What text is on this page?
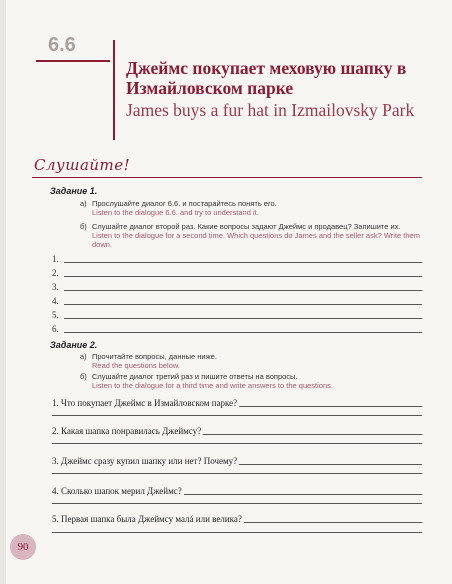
6.6
Джеймс покупает меховую шапку в Измайловском парке
James buys a fur hat in Izmailovsky Park
Слушайте!
Задание 1.
а) Прослушайте диалог 6.6. и постарайтесь понять его.
Listen to the dialogue 6.6. and try to understand it.
б) Слушайте диалог второй раз. Какие вопросы задают Джеймс и продавец? Запишите их.
Listen to the dialogue for a second time. Which questions do James and the seller ask? Write them down.
1.
2.
3.
4.
5.
6.
Задание 2.
а) Прочитайте вопросы, данные ниже.
Read the questions below.
б) Слушайте диалог третий раз и пишите ответы на вопросы.
Listen to the dialogue for a third time and write answers to the questions.
1. Что покупает Джеймс в Измайловском парке?
2. Какая шапка понравилась Джеймсу?
3. Джеймс сразу купил шапку или нет? Почему?
4. Сколько шапок мерил Джеймс?
5. Первая шапка была Джеймсу малá или велика?
90
